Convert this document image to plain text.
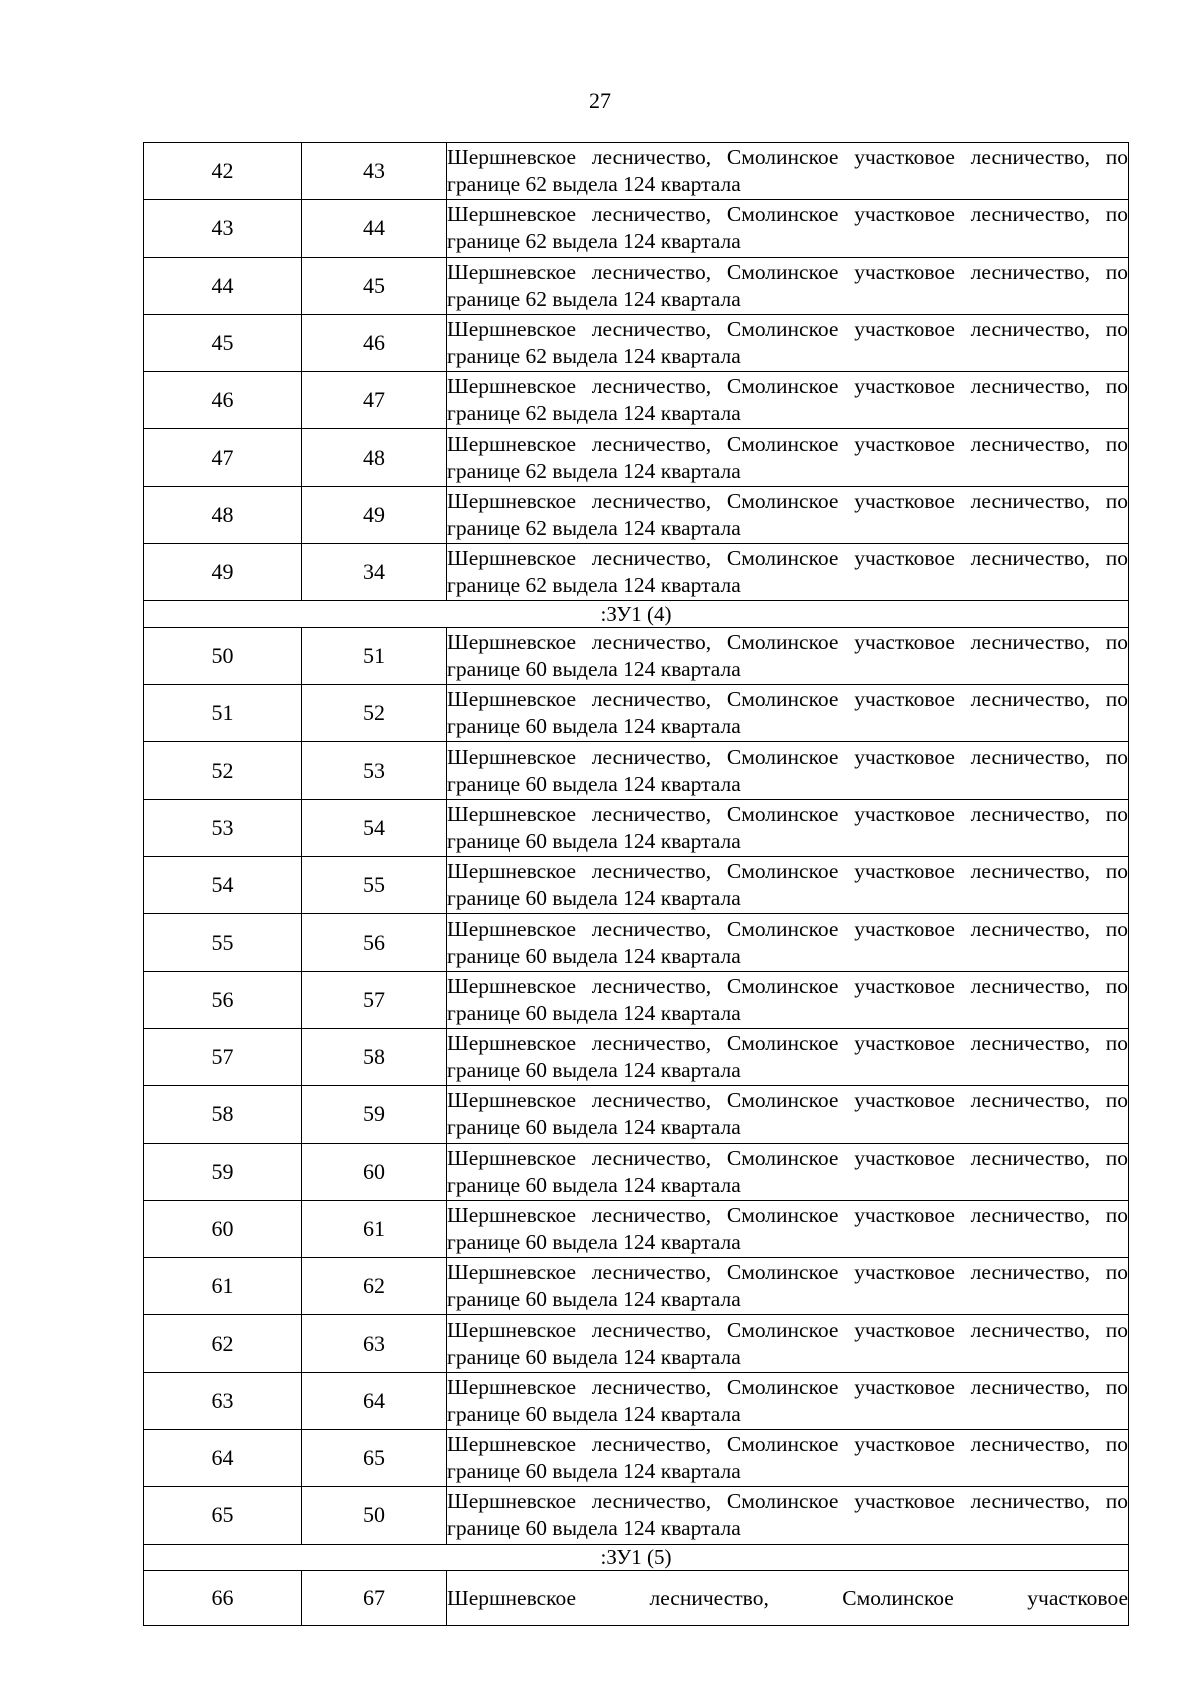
27
42	43	Шершневское лесничество, Смолинское участковое лесничество, по границе 62 выдела 124 квартала
43	44	Шершневское лесничество, Смолинское участковое лесничество, по границе 62 выдела 124 квартала
44	45	Шершневское лесничество, Смолинское участковое лесничество, по границе 62 выдела 124 квартала
45	46	Шершневское лесничество, Смолинское участковое лесничество, по границе 62 выдела 124 квартала
46	47	Шершневское лесничество, Смолинское участковое лесничество, по границе 62 выдела 124 квартала
47	48	Шершневское лесничество, Смолинское участковое лесничество, по границе 62 выдела 124 квартала
48	49	Шершневское лесничество, Смолинское участковое лесничество, по границе 62 выдела 124 квартала
49	34	Шершневское лесничество, Смолинское участковое лесничество, по границе 62 выдела 124 квартала
:ЗУ1 (4)		
50	51	Шершневское лесничество, Смолинское участковое лесничество, по границе 60 выдела 124 квартала
51	52	Шершневское лесничество, Смолинское участковое лесничество, по границе 60 выдела 124 квартала
52	53	Шершневское лесничество, Смолинское участковое лесничество, по границе 60 выдела 124 квартала
53	54	Шершневское лесничество, Смолинское участковое лесничество, по границе 60 выдела 124 квартала
54	55	Шершневское лесничество, Смолинское участковое лесничество, по границе 60 выдела 124 квартала
55	56	Шершневское лесничество, Смолинское участковое лесничество, по границе 60 выдела 124 квартала
56	57	Шершневское лесничество, Смолинское участковое лесничество, по границе 60 выдела 124 квартала
57	58	Шершневское лесничество, Смолинское участковое лесничество, по границе 60 выдела 124 квартала
58	59	Шершневское лесничество, Смолинское участковое лесничество, по границе 60 выдела 124 квартала
59	60	Шершневское лесничество, Смолинское участковое лесничество, по границе 60 выдела 124 квартала
60	61	Шершневское лесничество, Смолинское участковое лесничество, по границе 60 выдела 124 квартала
61	62	Шершневское лесничество, Смолинское участковое лесничество, по границе 60 выдела 124 квартала
62	63	Шершневское лесничество, Смолинское участковое лесничество, по границе 60 выдела 124 квартала
63	64	Шершневское лесничество, Смолинское участковое лесничество, по границе 60 выдела 124 квартала
64	65	Шершневское лесничество, Смолинское участковое лесничество, по границе 60 выдела 124 квартала
65	50	Шершневское лесничество, Смолинское участковое лесничество, по границе 60 выдела 124 квартала
:ЗУ1 (5)		
66	67	Шершневское лесничество, Смолинское участковое
